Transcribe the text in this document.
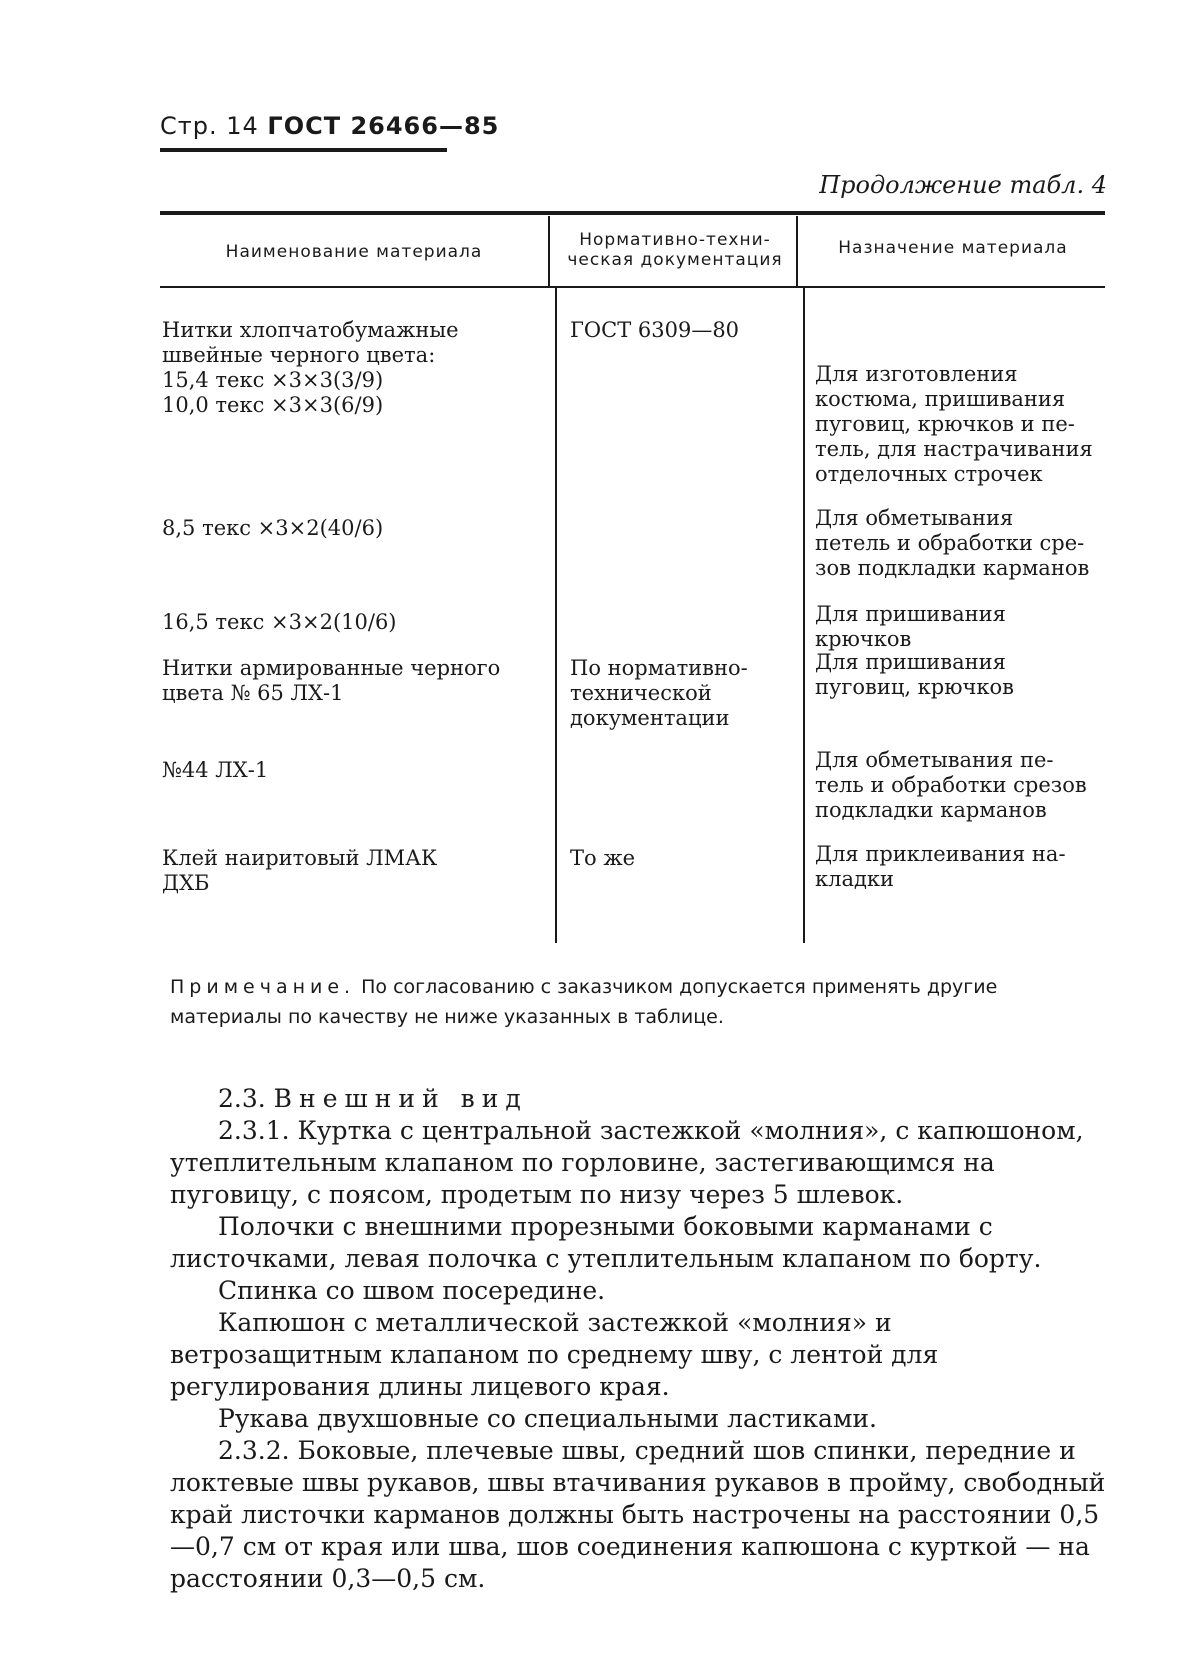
Стр. 14 ГОСТ 26466—85
Продолжение табл. 4
Наименование материала
Нормативно-техни-
ческая документация
Назначение материала
Нитки хлопчатобумажные
швейные черного цвета:
15,4 текс ×3×3(3/9)
10,0 текс ×3×3(6/9)
8,5 текс ×3×2(40/6)
16,5 текс ×3×2(10/6)
Нитки армированные черного
цвета № 65 ЛХ-1
№44 ЛХ-1
Клей наиритовый ЛМАК
ДХБ
ГОСТ 6309—80
По нормативно-
технической
документации
То же
Для изготовления
костюма, пришивания
пуговиц, крючков и пе-
тель, для настрачивания
отделочных строчек
Для обметывания
петель и обработки сре-
зов подкладки карманов
Для пришивания
крючков
Для пришивания
пуговиц, крючков
Для обметывания пе-
тель и обработки срезов
подкладки карманов
Для приклеивания на-
кладки
Примечание. По согласованию с заказчиком допускается применять другие материалы по качеству не ниже указанных в таблице.

2.3. Внешний вид

2.3.1. Куртка с центральной застежкой «молния», с капюшоном, утеплительным клапаном по горловине, застегивающимся на пуговицу, с поясом, продетым по низу через 5 шлевок.

Полочки с внешними прорезными боковыми карманами с листочками, левая полочка с утеплительным клапаном по борту.

Спинка со швом посередине.

Капюшон с металлической застежкой «молния» и ветрозащитным клапаном по среднему шву, с лентой для регулирования длины лицевого края.

Рукава двухшовные со специальными ластиками.

2.3.2. Боковые, плечевые швы, средний шов спинки, передние и локтевые швы рукавов, швы втачивания рукавов в пройму, свободный край листочки карманов должны быть настрочены на расстоянии 0,5—0,7 см от края или шва, шов соединения капюшона с курткой — на расстоянии 0,3—0,5 см.
